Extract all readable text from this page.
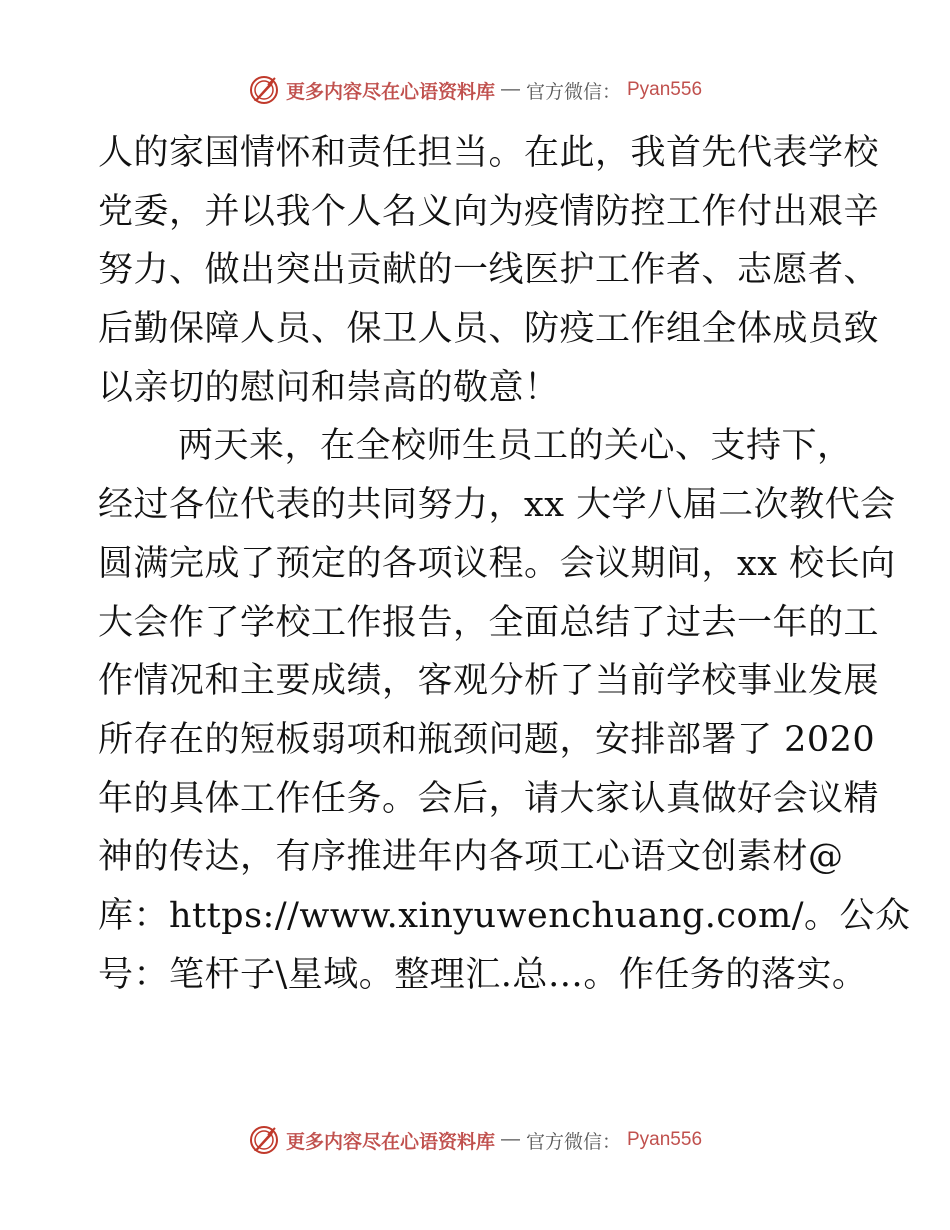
更多内容尽在心语资料库 — 官方微信： Pyan556
人的家国情怀和责任担当。在此，我首先代表学校
党委，并以我个人名义向为疫情防控工作付出艰辛
努力、做出突出贡献的一线医护工作者、志愿者、
后勤保障人员、保卫人员、防疫工作组全体成员致
以亲切的慰问和崇高的敬意！
两天来，在全校师生员工的关心、支持下，
经过各位代表的共同努力，xx 大学八届二次教代会
圆满完成了预定的各项议程。会议期间，xx 校长向
大会作了学校工作报告，全面总结了过去一年的工
作情况和主要成绩，客观分析了当前学校事业发展
所存在的短板弱项和瓶颈问题，安排部署了 2020
年的具体工作任务。会后，请大家认真做好会议精
神的传达，有序推进年内各项工心语文创素材@
库：https://www.xinyuwenchuang.com/。公众
号：笔杆子\星域。整理汇.总…。作任务的落实。
更多内容尽在心语资料库 — 官方微信： Pyan556
